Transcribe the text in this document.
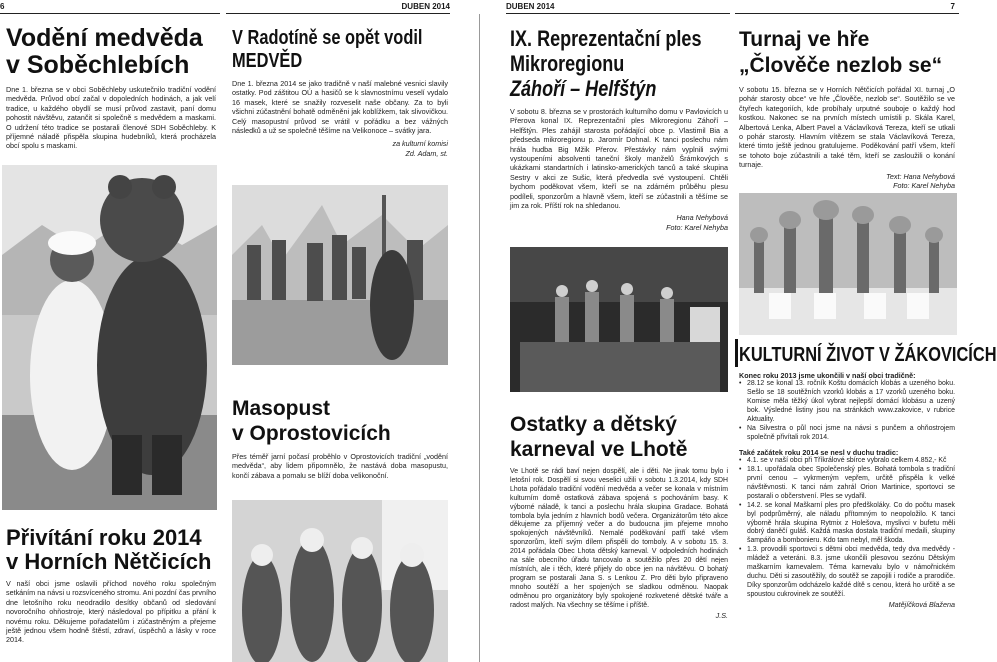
6
Vodění medvěda
v Soběchlebích

Dne 1. března se v obci Soběchleby uskutečnilo tradiční vodění medvěda. Průvod obcí začal v dopoledních hodinách, a jak velí tradice, u každého obydlí se musí průvod zastavit, paní domu pohostit návštěvu, zatančit si společně s medvědem a maskami. O udržení této tradice se postarali členové SDH Soběchleby. K příjemné náladě přispěla skupina hudebníků, která procházela obcí spolu s maskami.

Přivítání roku 2014
v Horních Nětčicích

V naší obci jsme oslavili příchod nového roku společným setkáním na návsi u rozsvíceného stromu. Ani pozdní čas prvního dne letošního roku neodradilo desítky občanů od sledování novoročního ohňostroje, který následoval po přípitku a přání k novému roku. Děkujeme pořadatelům i zúčastněným a přejeme ještě jednou všem hodně štěstí, zdraví, úspěchů a lásky v roce 2014.

DUBEN 2014
V Radotíně se opět vodil
MEDVĚD

Dne 1. března 2014 se jako tradičně v naší malebné vesnici slavily ostatky. Pod záštitou OÚ a hasičů se k slavnostnímu veselí vydalo 16 masek, které se snažily rozveselit naše občany. Za to byli všichni zúčastnění bohatě odměněni jak koblížkem, tak slivovičkou. Celý masopustní průvod se vrátil v pořádku a bez vážných následků a už se společně těšíme na Velikonoce – svátky jara.

za kulturní komisi
Zd. Adam, st.

Masopust
v Oprostovicích

Přes téměř jarní počasí proběhlo v Oprostovicích tradiční „vodění medvěda“, aby lidem připomnělo, že nastává doba masopustu, končí zábava a pomalu se blíží doba velikonoční.

DUBEN 2014
IX. Reprezentační ples
Mikroregionu
Záhoří – Helfštýn

V sobotu 8. března se v prostorách kulturního domu v Pavlovicích u Přerova konal IX. Reprezentační ples Mikroregionu Záhoří – Helfštýn. Ples zahájil starosta pořádající obce p. Vlastimil Bia a předseda mikroregionu p. Jaromír Dohnal. K tanci poslechu nám hrála hudba Big Mžik Přerov. Přestávky nám vyplnili svými vystoupeními absolventi taneční školy manželů Šrámkových s ukázkami standartních i latinsko-amerických tanců a také skupina Sestry v akci ze Sušic, která předvedla své vystoupení. Chtěli bychom poděkovat všem, kteří se na zdárném průběhu plesu podíleli, sponzorům a hlavně všem, kteří se zúčastnili a těšíme se jim za rok. Příští rok na shledanou.

Hana Nehybová
Foto: Karel Nehyba

Ostatky a dětský
karneval ve Lhotě

Ve Lhotě se rádi baví nejen dospělí, ale i děti. Ne jinak tomu bylo i letošní rok. Dospělí si svou veselici užili v sobotu 1.3.2014, kdy SDH Lhota pořádalo tradiční vodění medvěda a večer se konala v místním kulturním domě ostatková zábava spojená s pochováním basy. K výborné náladě, k tanci a poslechu hrála skupina Gradace. Bohatá tombola byla jedním z hlavních bodů večera. Organizátorům této akce děkujeme za příjemný večer a do budoucna jim přejeme mnoho spokojených návštěvníků. Nemalé poděkování patří také všem sponzorům, kteří svým dílem přispěli do tomboly. A v sobotu 15. 3. 2014 pořádala Obec Lhota dětský karneval. V odpoledních hodinách na sále obecního úřadu tancovalo a soutěžilo přes 20 dětí nejen místních, ale i těch, které přijely do obce jen na návštěvu. O bohatý program se postarali Jana S. s Lenkou Z. Pro děti bylo připraveno mnoho soutěží a her spojených se sladkou odměnou. Naopak odměnou pro organizátory byly spokojené rozkvetené dětské tváře a radost malých. Na všechny se těšíme i příště.

J.S.

7
Turnaj ve hře
„Člověče nezlob se“

V sobotu 15. března se v Horních Nětčicích pořádal XI. turnaj „O pohár starosty obce“ ve hře „Člověče, nezlob se“. Soutěžilo se ve čtyřech kategoriích, kde probíhaly urputné souboje o každý hod kostkou. Nakonec se na prvních místech umístili p. Skála Karel, Albertová Lenka, Albert Pavel a Václavíková Tereza, kteří se utkali o pohár starosty. Hlavním vítězem se stala Václavíková Tereza, které timto ještě jednou gratulujeme. Poděkování patří všem, kteří se tohoto boje zúčastnili a také těm, kteří se zasloužili o konání turnaje.

Text: Hana Nehybová
Foto: Karel Nehyba

KULTURNÍ ŽIVOT V ŽÁKOVICÍCH

Konec roku 2013 jsme ukončili v naší obci tradičně:

• 28.12 se konal 13. ročník Koštu domácích klobás a uzeného boku. Sešlo se 18 soutěžních vzorků klobás a 17 vzorků uzeného boku. Komise měla těžký úkol vybrat nejlepší domácí klobásu a uzený bok. Výsledné listiny jsou na stránkách www.zakovice, v rubrice Aktuality.
• Na Silvestra o půl noci jsme na návsi s punčem a ohňostrojem společně přivítali rok 2014.

Také začátek roku 2014 se nesl v duchu tradic:

• 4.1. se v naší obci při Tříkrálové sbírce vybralo celkem 4.852,- Kč
• 18.1. upořádala obec Společenský ples. Bohatá tombola s tradiční první cenou – vykrmeným vepřem, určitě přispěla k velké návštěvnosti. K tanci nám zahrál Orion Martinice, sportovci se postarali o občerstvení. Ples se vydařil.
• 14.2. se konal Maškarní ples pro předškoláky. Co do počtu masek byl podprůměrný, ale náladu přítomným to neopoložilo. K tanci výborně hrála skupina Rytmix z Holešova, myslivci v bufetu měli dobrý daněčí guláš. Každá maska dostala tradiční medaili, skupiny šampáňo a bombonieru. Kdo tam nebyl, měl škoda.
• 1.3. provodili sportovci s dětmi obci medvěda, tedy dva medvědy - mládež a veteráni. 8.3. jsme ukončili plesovou sezónu Dětským maškarním karnevalem. Téma karnevalu bylo v námořnickém duchu. Děti si zasoutěžily, do soutěž se zapojili i rodiče a prarodiče. Díky sponzorům odcházelo každé dítě s cenou, která ho určitě a se spoustou cukrovinek ze soutěží.

Matějíčková Blažena
